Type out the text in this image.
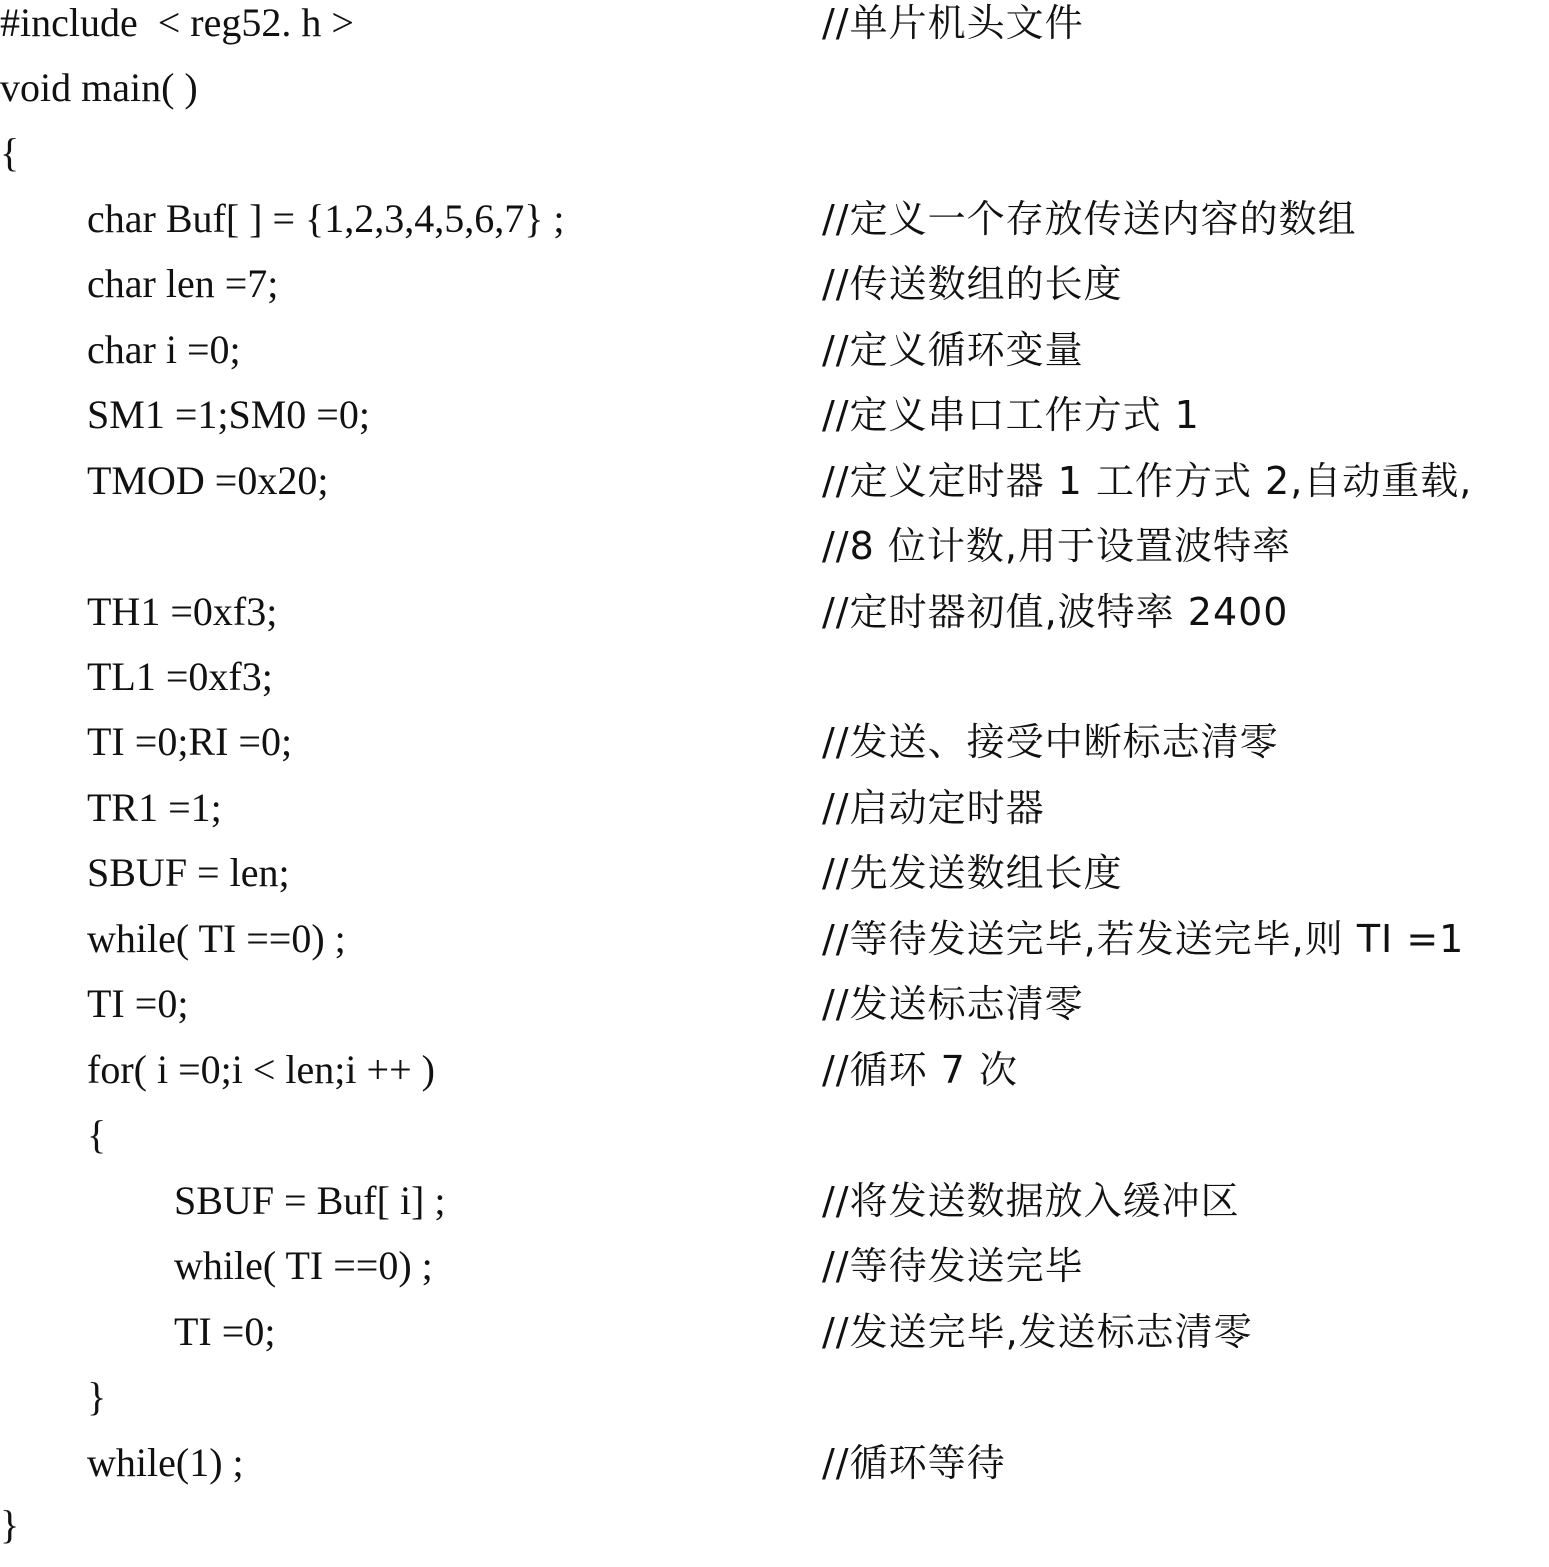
#include  < reg52. h >	//单片机头文件
void main( )
{
char Buf[ ] = {1,2,3,4,5,6,7} ;	//定义一个存放传送内容的数组
char len =7;	//传送数组的长度
char i =0;	//定义循环变量
SM1 =1;SM0 =0;	//定义串口工作方式 1
TMOD =0x20;	//定义定时器 1 工作方式 2,自动重载,
//8 位计数,用于设置波特率
TH1 =0xf3;	//定时器初值,波特率 2400
TL1 =0xf3;
TI =0;RI =0;	//发送、接受中断标志清零
TR1 =1;	//启动定时器
SBUF = len;	//先发送数组长度
while( TI ==0) ;	//等待发送完毕,若发送完毕,则 TI =1
TI =0;	//发送标志清零
for( i =0;i < len;i ++ )	//循环 7 次
{
SBUF = Buf[ i] ;	//将发送数据放入缓冲区
while( TI ==0) ;	//等待发送完毕
TI =0;	//发送完毕,发送标志清零
}
while(1) ;	//循环等待
}
